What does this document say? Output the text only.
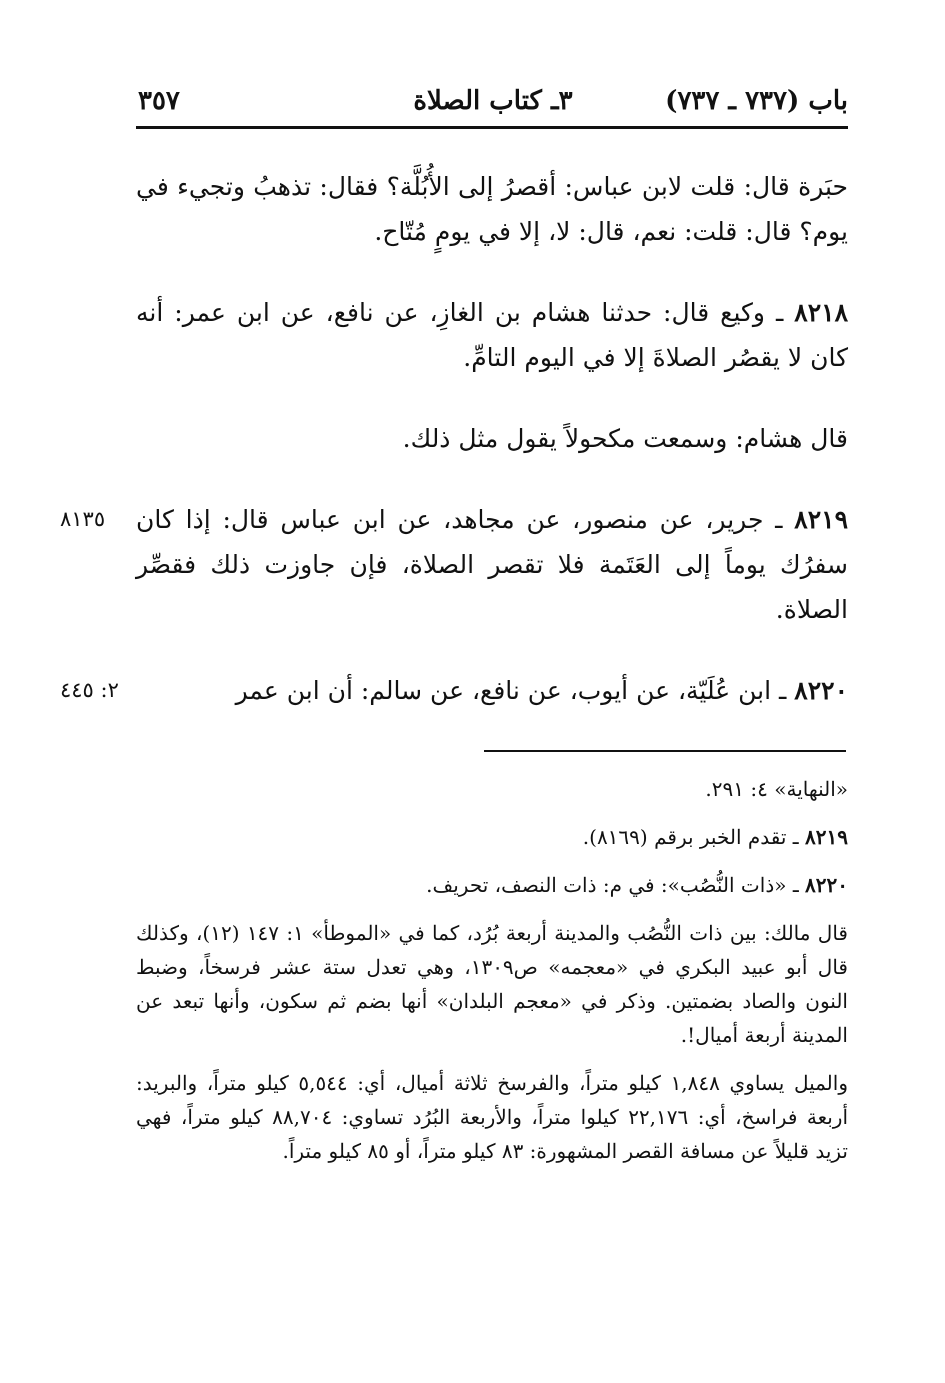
باب (٧٣٧ ـ ٧٣٧)
٣ـ كتاب الصلاة
٣٥٧

حبَرة قال: قلت لابن عباس: أقصرُ إلى الأُبُلَّة؟ فقال: تذهبُ وتجيء في يوم؟ قال: قلت: نعم، قال: لا، إلا في يومٍ مُتّاح.

٨٢١٨ ـ وكيع قال: حدثنا هشام بن الغازِ، عن نافع، عن ابن عمر: أنه كان لا يقصُر الصلاةَ إلا في اليوم التامِّ.

قال هشام: وسمعت مكحولاً يقول مثل ذلك.

٨١٣٥	٨٢١٩ ـ جرير، عن منصور، عن مجاهد، عن ابن عباس قال: إذا كان سفرُك يوماً إلى العَتَمة فلا تقصر الصلاة، فإن جاوزت ذلك فقصِّر الصلاة.

٢: ٤٤٥	٨٢٢٠ ـ ابن عُلَيّة، عن أيوب، عن نافع، عن سالم: أن ابن عمر

«النهاية» ٤: ٢٩١.

٨٢١٩ ـ تقدم الخبر برقم (٨١٦٩).

٨٢٢٠ ـ «ذات النُّصُب»: في م: ذات النصف، تحريف.

قال مالك: بين ذات النُّصُب والمدينة أربعة بُرُد، كما في «الموطأ» ١: ١٤٧ (١٢)، وكذلك قال أبو عبيد البكري في «معجمه» ص١٣٠٩، وهي تعدل ستة عشر فرسخاً، وضبط النون والصاد بضمتين. وذكر في «معجم البلدان» أنها بضم ثم سكون، وأنها تبعد عن المدينة أربعة أميال!.

والميل يساوي ١,٨٤٨ كيلو متراً، والفرسخ ثلاثة أميال، أي: ٥,٥٤٤ كيلو متراً، والبريد: أربعة فراسخ، أي: ٢٢,١٧٦ كيلوا متراً، والأربعة البُرُد تساوي: ٨٨,٧٠٤ كيلو متراً، فهي تزيد قليلاً عن مسافة القصر المشهورة: ٨٣ كيلو متراً، أو ٨٥ كيلو متراً.
